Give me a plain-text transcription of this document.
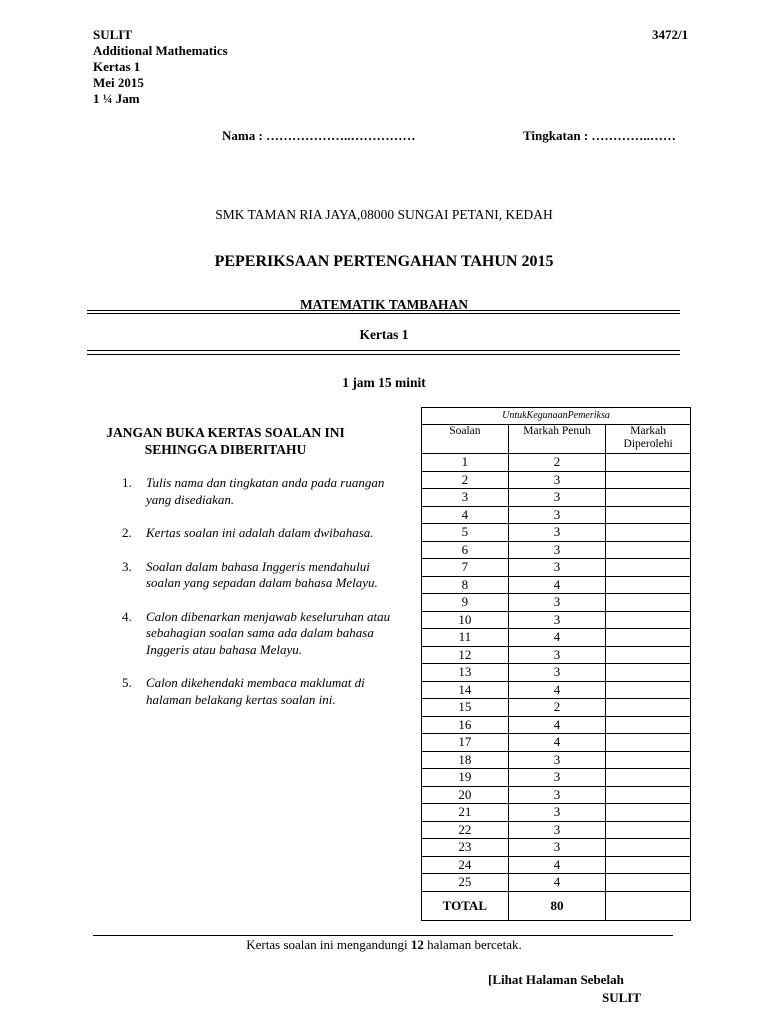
SULIT
Additional Mathematics
Kertas 1
Mei 2015
1 ¼ Jam
3472/1
Nama : ………………..……………	Tingkatan : …………..……
SMK TAMAN RIA JAYA,08000 SUNGAI PETANI, KEDAH
PEPERIKSAAN PERTENGAHAN TAHUN 2015
MATEMATIK TAMBAHAN
Kertas 1
1 jam 15 minit
JANGAN BUKA KERTAS SOALAN INI SEHINGGA DIBERITAHU
1.	Tulis nama dan tingkatan anda pada ruangan yang disediakan.
2.	Kertas soalan ini adalah dalam dwibahasa.
3.	Soalan dalam bahasa Inggeris mendahului soalan yang sepadan dalam bahasa Melayu.
4.	Calon dibenarkan menjawab keseluruhan atau sebahagian soalan sama ada dalam bahasa Inggeris atau bahasa Melayu.
5.	Calon dikehendaki membaca maklumat di halaman belakang kertas soalan ini.
UntukKegunaanPemeriksa		
Soalan	Markah Penuh	Markah Diperolehi
1	2	
2	3	
3	3	
4	3	
5	3	
6	3	
7	3	
8	4	
9	3	
10	3	
11	4	
12	3	
13	3	
14	4	
15	2	
16	4	
17	4	
18	3	
19	3	
20	3	
21	3	
22	3	
23	3	
24	4	
25	4	
TOTAL	80	
Kertas soalan ini mengandungi 12 halaman bercetak.
[Lihat Halaman Sebelah
SULIT
